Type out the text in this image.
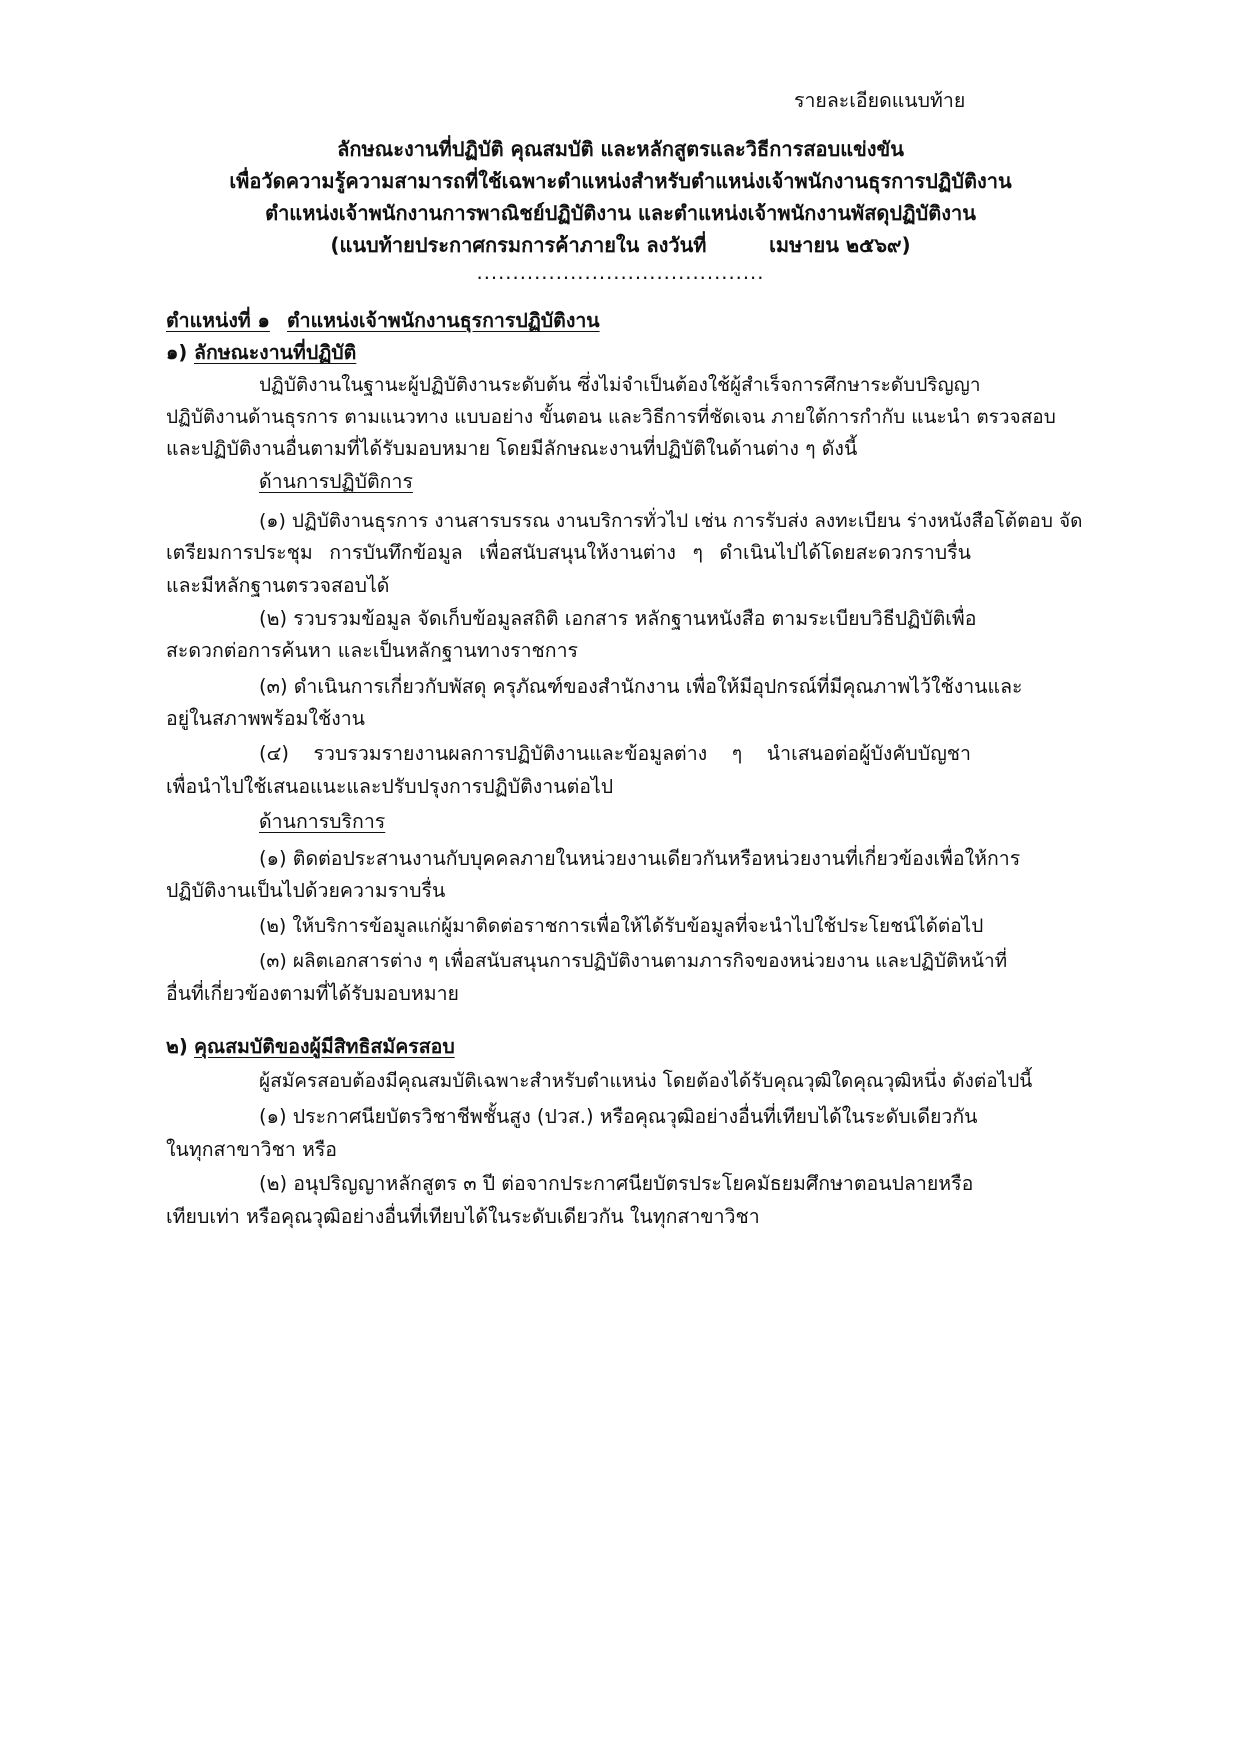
รายละเอียดแนบท้าย
ลักษณะงานที่ปฏิบัติ คุณสมบัติ และหลักสูตรและวิธีการสอบแข่งขัน
เพื่อวัดความรู้ความสามารถที่ใช้เฉพาะตำแหน่งสำหรับตำแหน่งเจ้าพนักงานธุรการปฏิบัติงาน
ตำแหน่งเจ้าพนักงานการพาณิชย์ปฏิบัติงาน และตำแหน่งเจ้าพนักงานพัสดุปฏิบัติงาน
(แนบท้ายประกาศกรมการค้าภายใน ลงวันที่         เมษายน ๒๕๖๙)
........................................
ตำแหน่งที่ ๑ ตำแหน่งเจ้าพนักงานธุรการปฏิบัติงาน
๑) ลักษณะงานที่ปฏิบัติ
ปฏิบัติงานในฐานะผู้ปฏิบัติงานระดับต้น ซึ่งไม่จำเป็นต้องใช้ผู้สำเร็จการศึกษาระดับปริญญา
ปฏิบัติงานด้านธุรการ ตามแนวทาง แบบอย่าง ขั้นตอน และวิธีการที่ชัดเจน ภายใต้การกำกับ แนะนำ ตรวจสอบ
และปฏิบัติงานอื่นตามที่ได้รับมอบหมาย โดยมีลักษณะงานที่ปฏิบัติในด้านต่าง ๆ ดังนี้
ด้านการปฏิบัติการ
(๑) ปฏิบัติงานธุรการ งานสารบรรณ งานบริการทั่วไป เช่น การรับส่ง ลงทะเบียน ร่างหนังสือโต้ตอบ จัด
เตรียมการประชุม การบันทึกข้อมูล เพื่อสนับสนุนให้งานต่าง ๆ ดำเนินไปได้โดยสะดวกราบรื่น
และมีหลักฐานตรวจสอบได้
(๒) รวบรวมข้อมูล จัดเก็บข้อมูลสถิติ เอกสาร หลักฐานหนังสือ ตามระเบียบวิธีปฏิบัติเพื่อ
สะดวกต่อการค้นหา และเป็นหลักฐานทางราชการ
(๓) ดำเนินการเกี่ยวกับพัสดุ ครุภัณฑ์ของสำนักงาน เพื่อให้มีอุปกรณ์ที่มีคุณภาพไว้ใช้งานและ
อยู่ในสภาพพร้อมใช้งาน
(๔) รวบรวมรายงานผลการปฏิบัติงานและข้อมูลต่าง ๆ นำเสนอต่อผู้บังคับบัญชา
เพื่อนำไปใช้เสนอแนะและปรับปรุงการปฏิบัติงานต่อไป
ด้านการบริการ
(๑) ติดต่อประสานงานกับบุคคลภายในหน่วยงานเดียวกันหรือหน่วยงานที่เกี่ยวข้องเพื่อให้การ
ปฏิบัติงานเป็นไปด้วยความราบรื่น
(๒) ให้บริการข้อมูลแก่ผู้มาติดต่อราชการเพื่อให้ได้รับข้อมูลที่จะนำไปใช้ประโยชน์ได้ต่อไป
(๓) ผลิตเอกสารต่าง ๆ เพื่อสนับสนุนการปฏิบัติงานตามภารกิจของหน่วยงาน และปฏิบัติหน้าที่
อื่นที่เกี่ยวข้องตามที่ได้รับมอบหมาย
๒) คุณสมบัติของผู้มีสิทธิสมัครสอบ
ผู้สมัครสอบต้องมีคุณสมบัติเฉพาะสำหรับตำแหน่ง โดยต้องได้รับคุณวุฒิใดคุณวุฒิหนึ่ง ดังต่อไปนี้
(๑) ประกาศนียบัตรวิชาชีพชั้นสูง (ปวส.) หรือคุณวุฒิอย่างอื่นที่เทียบได้ในระดับเดียวกัน
ในทุกสาขาวิชา หรือ
(๒) อนุปริญญาหลักสูตร ๓ ปี ต่อจากประกาศนียบัตรประโยคมัธยมศึกษาตอนปลายหรือ
เทียบเท่า หรือคุณวุฒิอย่างอื่นที่เทียบได้ในระดับเดียวกัน ในทุกสาขาวิชา
